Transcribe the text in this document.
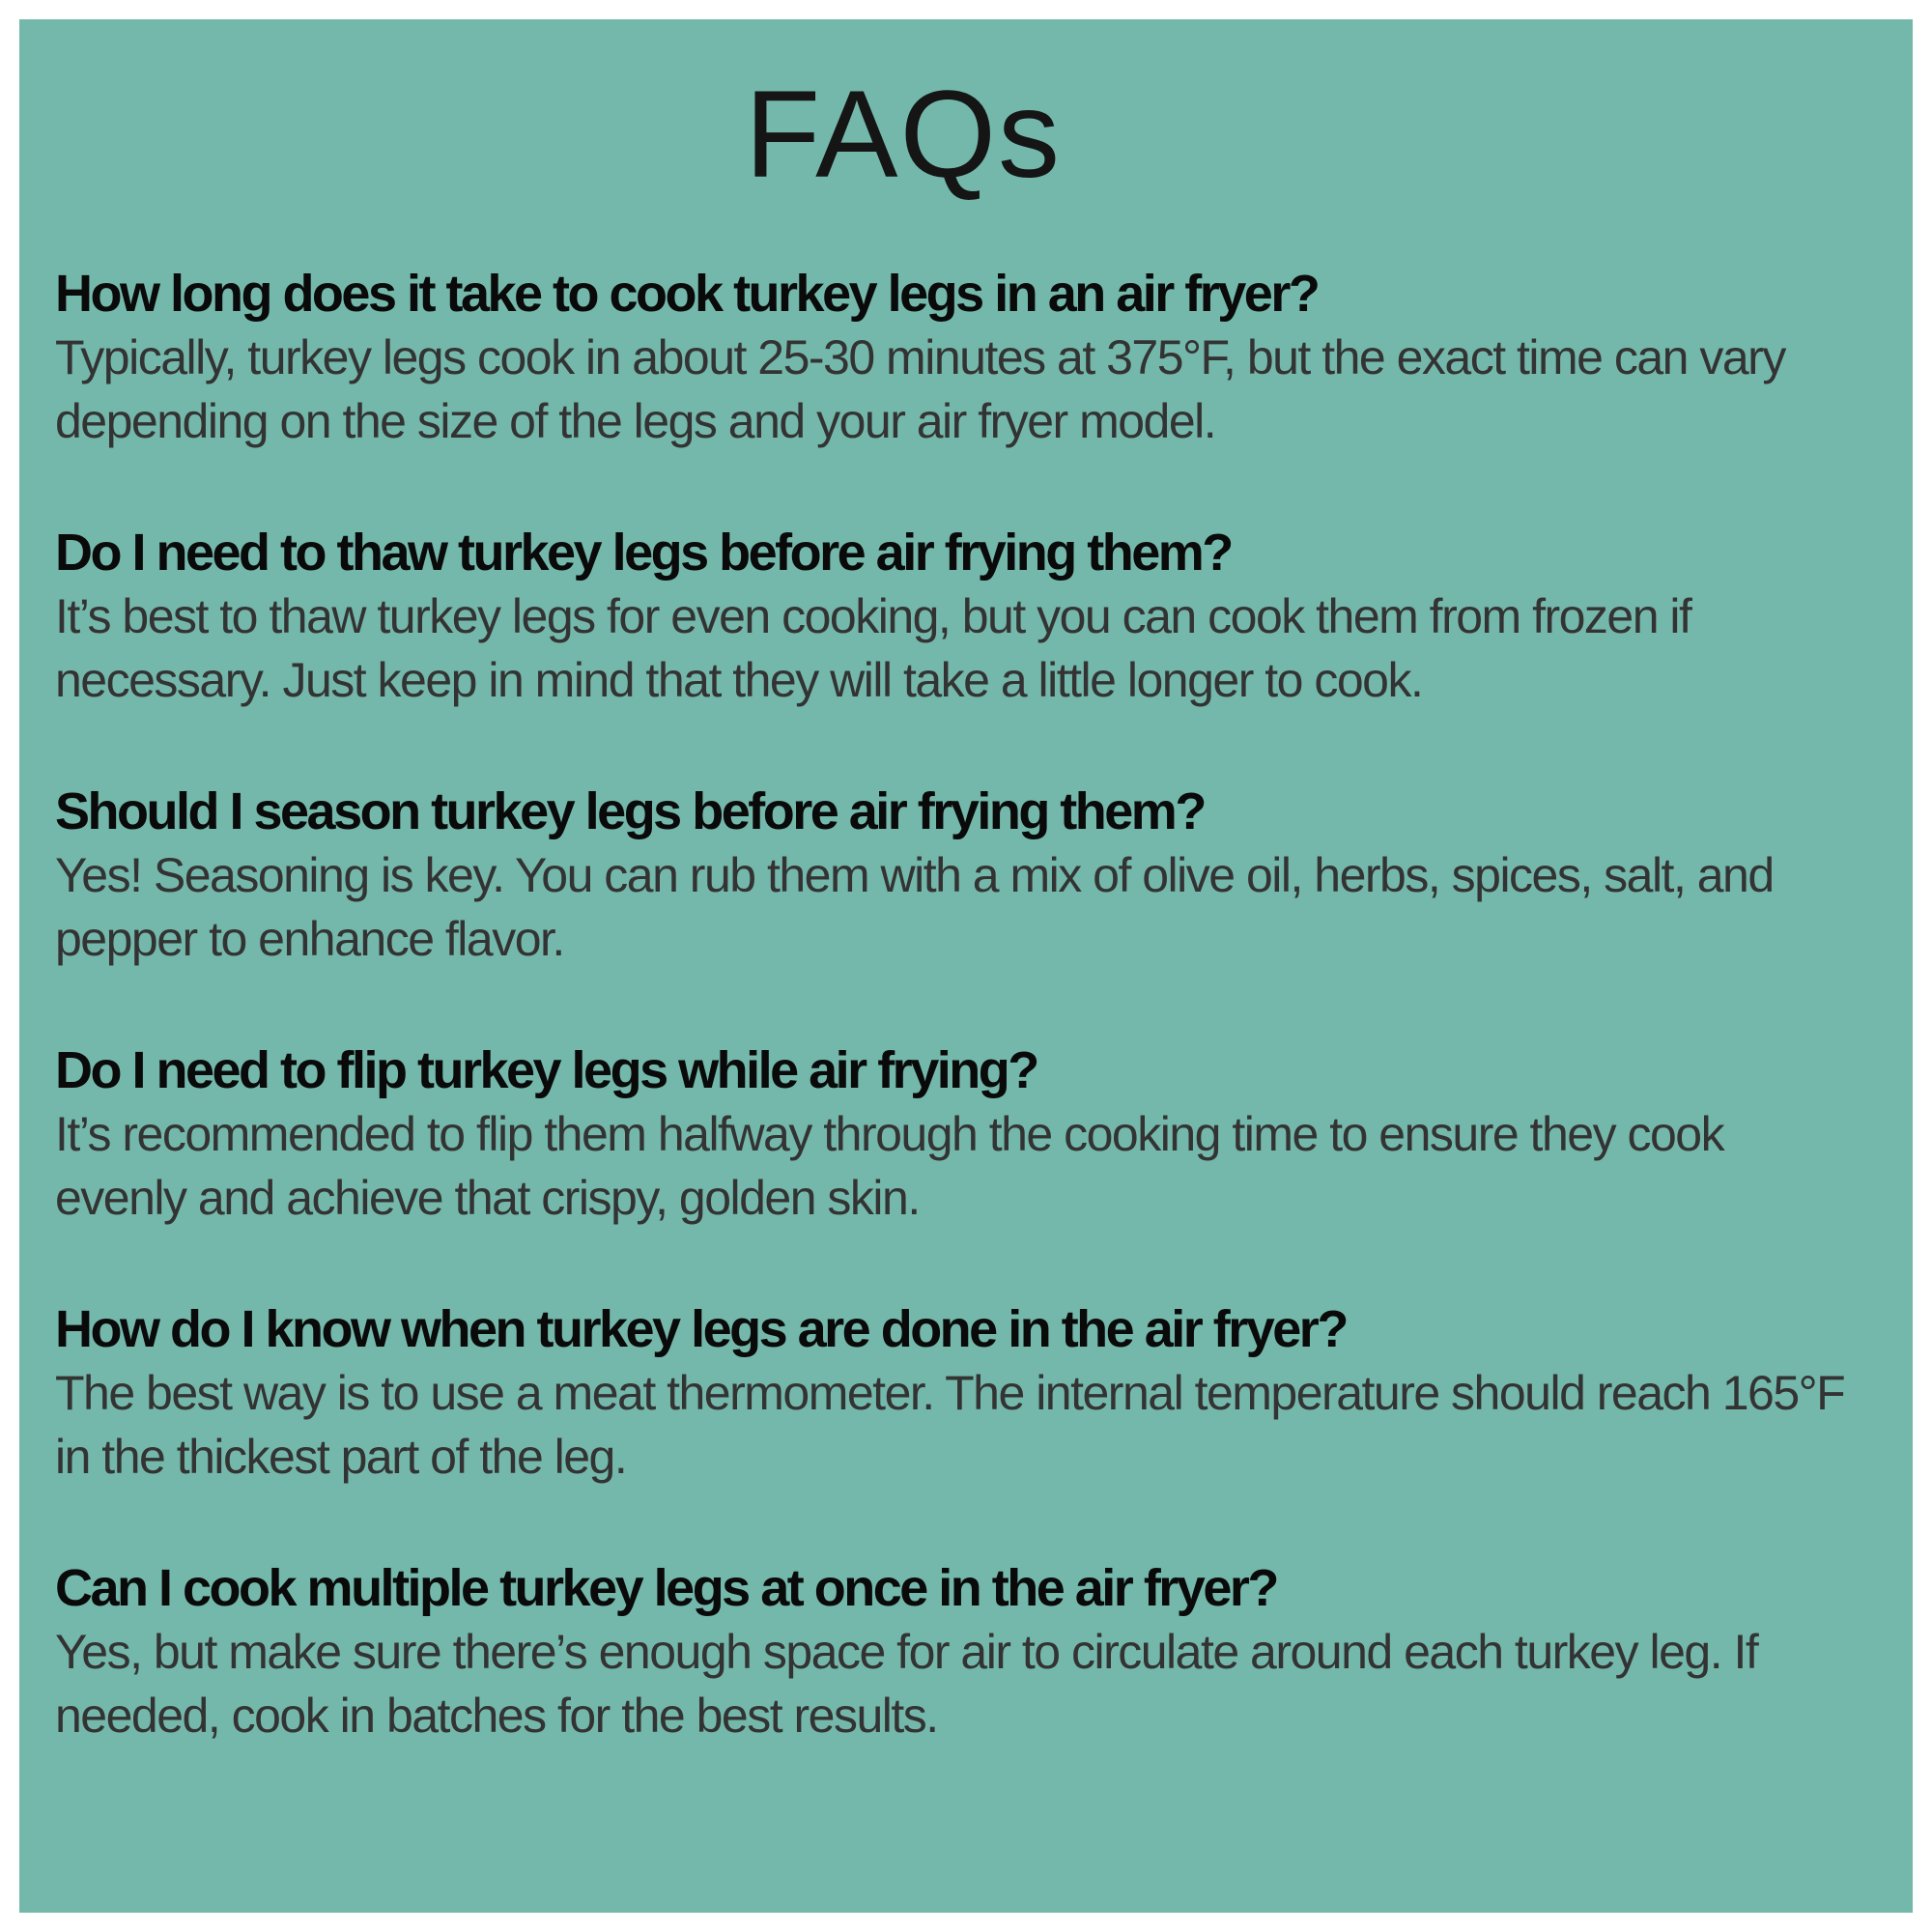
FAQs
How long does it take to cook turkey legs in an air fryer?

Typically, turkey legs cook in about 25-30 minutes at 375°F, but the exact time can vary depending on the size of the legs and your air fryer model.

Do I need to thaw turkey legs before air frying them?

It’s best to thaw turkey legs for even cooking, but you can cook them from frozen if necessary. Just keep in mind that they will take a little longer to cook.

Should I season turkey legs before air frying them?

Yes! Seasoning is key. You can rub them with a mix of olive oil, herbs, spices, salt, and pepper to enhance flavor.

Do I need to flip turkey legs while air frying?

It’s recommended to flip them halfway through the cooking time to ensure they cook evenly and achieve that crispy, golden skin.

How do I know when turkey legs are done in the air fryer?

The best way is to use a meat thermometer. The internal temperature should reach 165°F in the thickest part of the leg.

Can I cook multiple turkey legs at once in the air fryer?

Yes, but make sure there’s enough space for air to circulate around each turkey leg. If needed, cook in batches for the best results.
